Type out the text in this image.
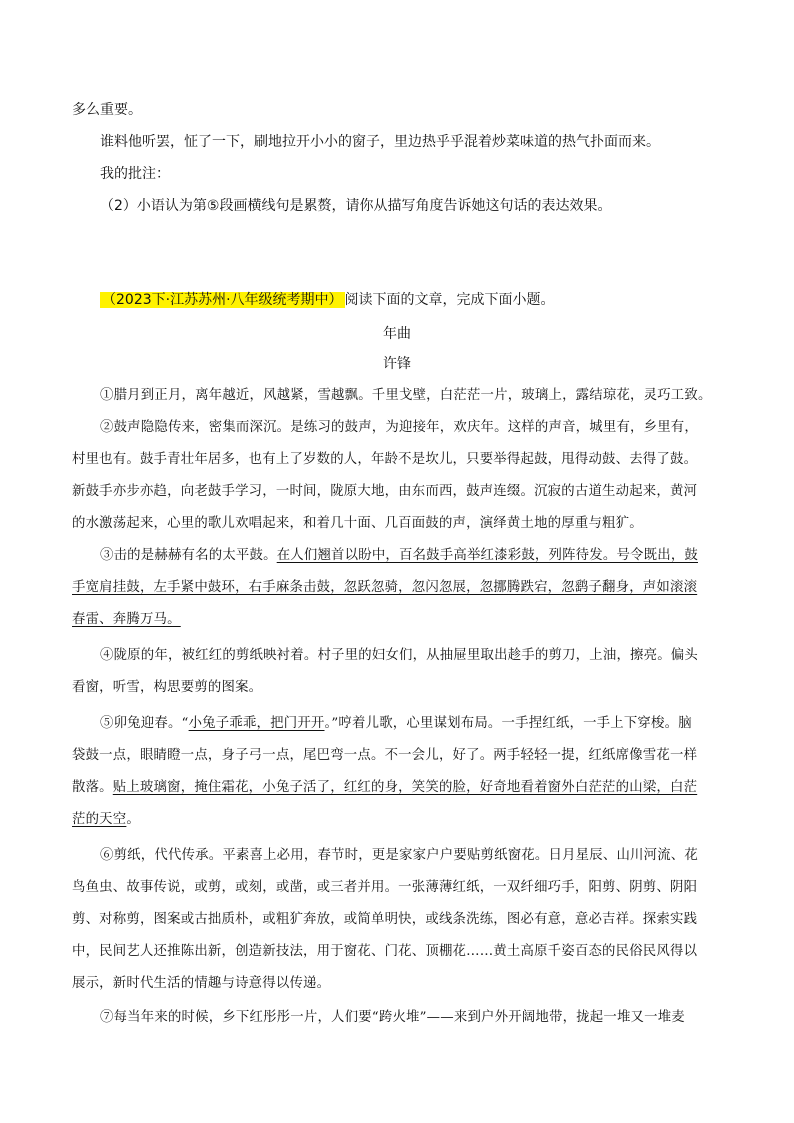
多么重要。
谁料他听罢，怔了一下，刷地拉开小小的窗子，里边热乎乎混着炒菜味道的热气扑面而来。
我的批注：
（2）小语认为第⑤段画横线句是累赘，请你从描写角度告诉她这句话的表达效果。
（2023下·江苏苏州·八年级统考期中） 阅读下面的文章，完成下面小题。
年曲
许锋
①腊月到正月，离年越近，风越紧，雪越飘。千里戈壁，白茫茫一片，玻璃上，露结琼花，灵巧工致。
②鼓声隐隐传来，密集而深沉。是练习的鼓声，为迎接年，欢庆年。这样的声音，城里有，乡里有，
村里也有。鼓手青壮年居多，也有上了岁数的人，年龄不是坎儿，只要举得起鼓，甩得动鼓、去得了鼓。
新鼓手亦步亦趋，向老鼓手学习，一时间，陇原大地，由东而西，鼓声连缀。沉寂的古道生动起来，黄河
的水激荡起来，心里的歌儿欢唱起来，和着几十面、几百面鼓的声，演绎黄土地的厚重与粗犷。
③击的是赫赫有名的太平鼓。在人们翘首以盼中，百名鼓手高举红漆彩鼓，列阵待发。号令既出，鼓
手宽肩挂鼓，左手紧中鼓环，右手麻条击鼓，忽跃忽骑，忽闪忽展，忽挪腾跌宕，忽鹞子翻身，声如滚滚
春雷、奔腾万马。
④陇原的年，被红红的剪纸映衬着。村子里的妇女们，从抽屉里取出趁手的剪刀，上油，擦亮。偏头
看窗，听雪，构思要剪的图案。
⑤卯兔迎春。“小兔子乖乖，把门开开。”哼着儿歌，心里谋划布局。一手捏红纸，一手上下穿梭。脑
袋鼓一点，眼睛瞪一点，身子弓一点，尾巴弯一点。不一会儿，好了。两手轻轻一提，红纸席像雪花一样
散落。贴上玻璃窗，掩住霜花，小兔子活了，红红的身，笑笑的脸，好奇地看着窗外白茫茫的山梁，白茫
茫的天空。
⑥剪纸，代代传承。平素喜上必用，春节时，更是家家户户要贴剪纸窗花。日月星辰、山川河流、花
鸟鱼虫、故事传说，或剪，或刻，或凿，或三者并用。一张薄薄红纸，一双纤细巧手，阳剪、阴剪、阴阳
剪、对称剪，图案或古拙质朴，或粗犷奔放，或简单明快，或线条洗练，图必有意，意必吉祥。探索实践
中，民间艺人还推陈出新，创造新技法，用于窗花、门花、顶棚花……黄土高原千姿百态的民俗民风得以
展示，新时代生活的情趣与诗意得以传递。
⑦每当年来的时候，乡下红彤彤一片，人们要“跨火堆”——来到户外开阔地带，拢起一堆又一堆麦
